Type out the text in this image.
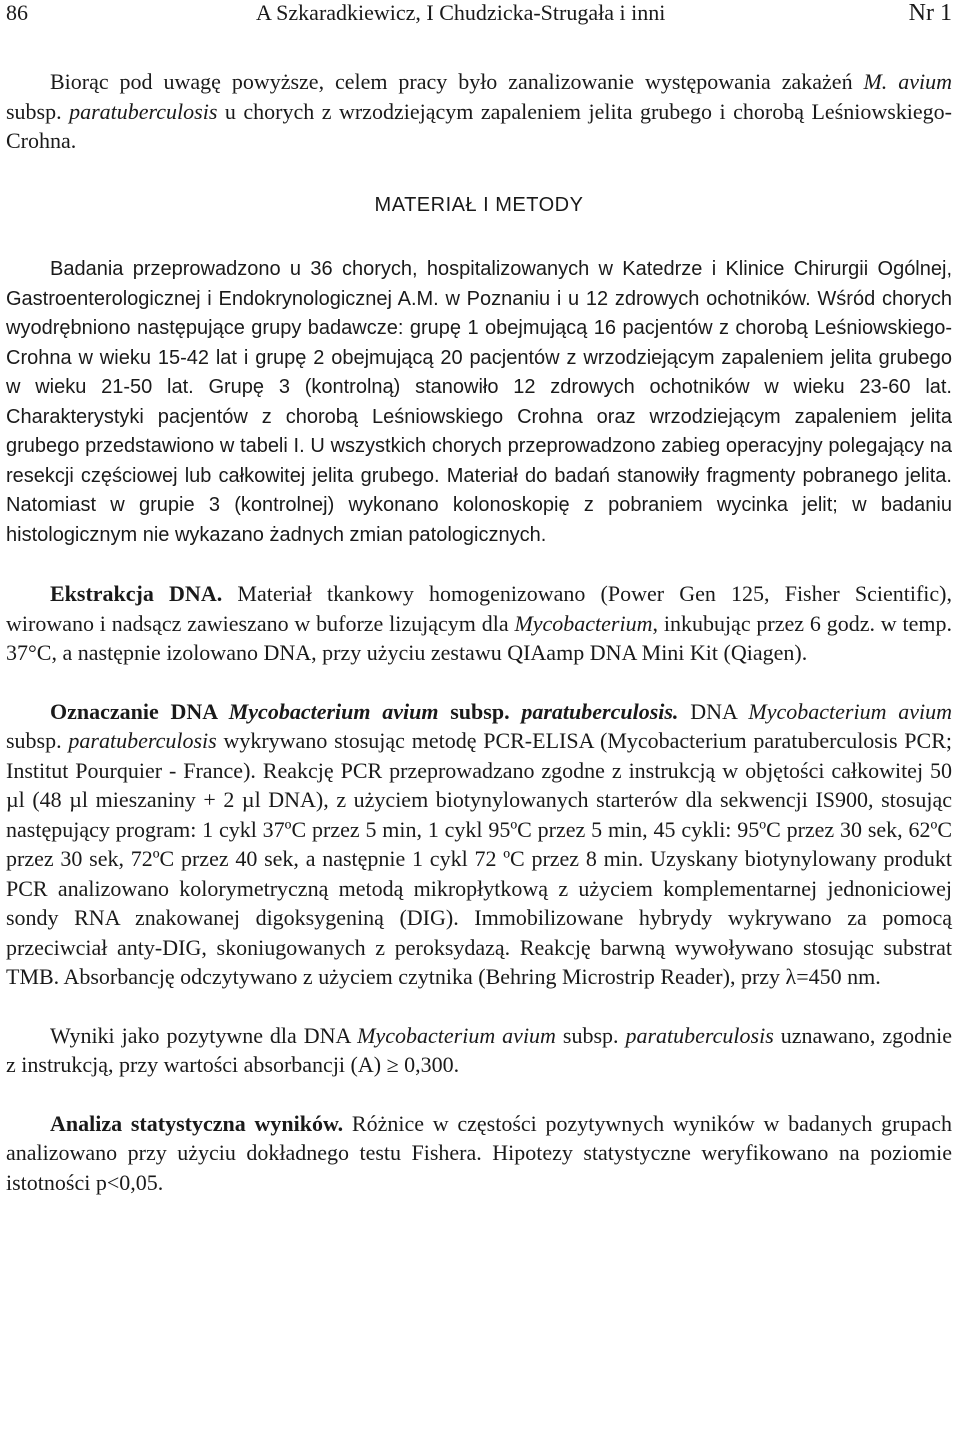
86	A Szkaradkiewicz, I Chudzicka-Strugała i inni	Nr 1

Biorąc pod uwagę powyższe, celem pracy było zanalizowanie występowania zakażeń M. avium subsp. paratuberculosis u chorych z wrzodziejącym zapaleniem jelita grubego i chorobą Leśniowskiego-Crohna.

MATERIAŁ I METODY

Badania przeprowadzono u 36 chorych, hospitalizowanych w Katedrze i Klinice Chirurgii Ogólnej, Gastroenterologicznej i Endokrynologicznej A.M. w Poznaniu i u 12 zdrowych ochotników. Wśród chorych wyodrębniono następujące grupy badawcze: grupę 1 obejmującą 16 pacjentów z chorobą Leśniowskiego-Crohna w wieku 15-42 lat i grupę 2 obejmującą 20 pacjentów z wrzodziejącym zapaleniem jelita grubego w wieku 21-50 lat. Grupę 3 (kontrolną) stanowiło 12 zdrowych ochotników w wieku 23-60 lat. Charakterystyki pacjentów z chorobą Leśniowskiego Crohna oraz wrzodziejącym zapaleniem jelita grubego przedstawiono w tabeli I. U wszystkich chorych przeprowadzono zabieg operacyjny polegający na resekcji częściowej lub całkowitej jelita grubego. Materiał do badań stanowiły fragmenty pobranego jelita. Natomiast w grupie 3 (kontrolnej) wykonano kolonoskopię z pobraniem wycinka jelit; w badaniu histologicznym nie wykazano żadnych zmian patologicznych.

Ekstrakcja DNA. Materiał tkankowy homogenizowano (Power Gen 125, Fisher Scientific), wirowano i nadsącz zawieszano w buforze lizującym dla Mycobacterium, inkubując przez 6 godz. w temp. 37°C, a następnie izolowano DNA, przy użyciu zestawu QIAamp DNA Mini Kit (Qiagen).

Oznaczanie DNA Mycobacterium avium subsp. paratuberculosis. DNA Mycobacterium avium subsp. paratuberculosis wykrywano stosując metodę PCR-ELISA (Mycobacterium paratuberculosis PCR; Institut Pourquier - France). Reakcję PCR przeprowadzano zgodne z instrukcją w objętości całkowitej 50 µl (48 µl mieszaniny + 2 µl DNA), z użyciem biotynylowanych starterów dla sekwencji IS900, stosując następujący program: 1 cykl 37ºC przez 5 min, 1 cykl 95ºC przez 5 min, 45 cykli: 95ºC przez 30 sek, 62ºC przez 30 sek, 72ºC przez 40 sek, a następnie 1 cykl 72 ºC przez 8 min. Uzyskany biotynylowany produkt PCR analizowano kolorymetryczną metodą mikropłytkową z użyciem komplementarnej jednoniciowej sondy RNA znakowanej digoksygeniną (DIG). Immobilizowane hybrydy wykrywano za pomocą przeciwciał anty-DIG, skoniugowanych z peroksydazą. Reakcję barwną wywoływano stosując substrat TMB. Absorbancję odczytywano z użyciem czytnika (Behring Microstrip Reader), przy λ=450 nm.

Wyniki jako pozytywne dla DNA Mycobacterium avium subsp. paratuberculosis uznawano, zgodnie z instrukcją, przy wartości absorbancji (A) ≥ 0,300.

Analiza statystyczna wyników. Różnice w częstości pozytywnych wyników w badanych grupach analizowano przy użyciu dokładnego testu Fishera. Hipotezy statystyczne weryfikowano na poziomie istotności p<0,05.
